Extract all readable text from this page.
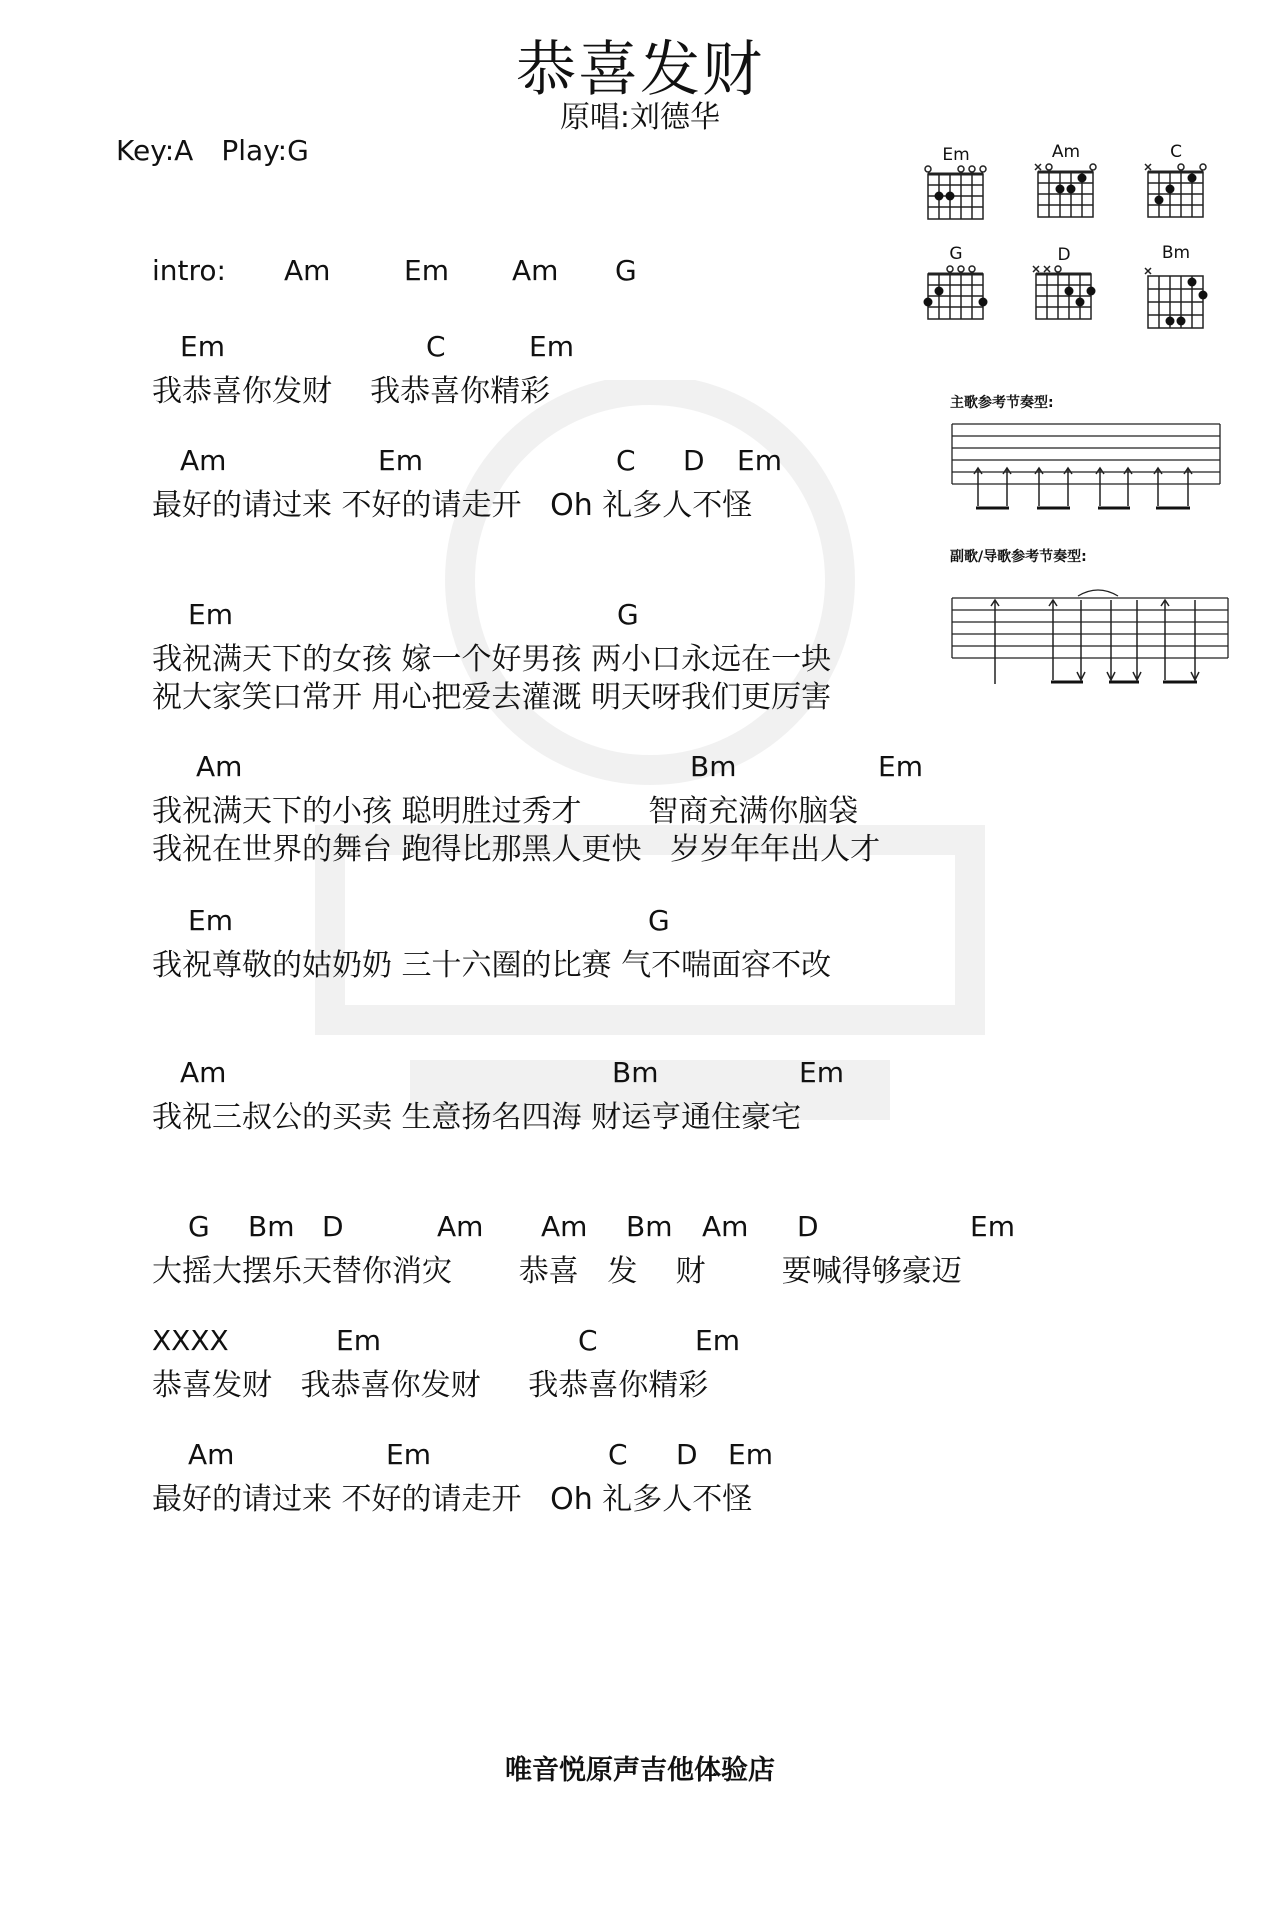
恭喜发财
原唱:刘德华
Key:A Play:G	Em	Am	C
G	D	Bm
主歌参考节奏型:
副歌/导歌参考节奏型:
intro: Am	Em Am G
Em	C	Em
Am	Em	C D Em
Em	G
Am	Bm	Em
Em	G
Am	Bm	Em
G Bm D	Am Am Bm Am D	Em
XXXX	Em	C	Em
Am	Em	C D Em
我恭喜你发财    我恭喜你精彩
最好的请过来 不好的请走开   Oh 礼多人不怪
我祝满天下的女孩 嫁一个好男孩 两小口永远在一块
祝大家笑口常开 用心把爱去灌溉 明天呀我们更厉害
我祝满天下的小孩 聪明胜过秀才       智商充满你脑袋
我祝在世界的舞台 跑得比那黑人更快   岁岁年年出人才
我祝尊敬的姑奶奶 三十六圈的比赛 气不喘面容不改
我祝三叔公的买卖 生意扬名四海 财运亨通住豪宅
大摇大摆乐天替你消灾       恭喜   发    财        要喊得够豪迈
恭喜发财   我恭喜你发财     我恭喜你精彩
最好的请过来 不好的请走开   Oh 礼多人不怪
唯音悦原声吉他体验店
